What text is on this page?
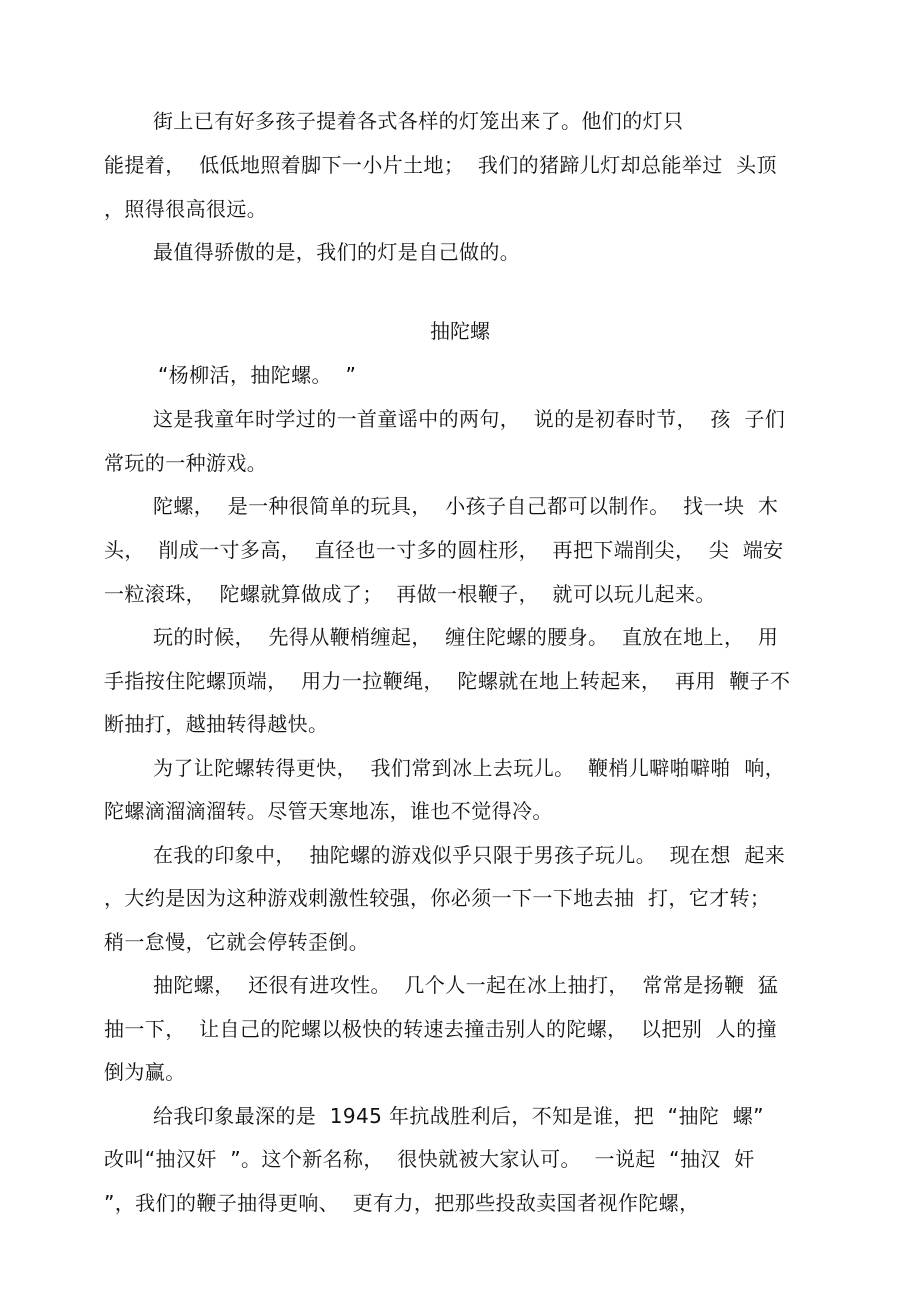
街上已有好多孩子提着各式各样的灯笼出来了。他们的灯只
能提着，  低低地照着脚下一小片土地；  我们的猪蹄儿灯却总能举过  头顶
，照得很高很远。
最值得骄傲的是，我们的灯是自己做的。
抽陀螺
“杨柳活，抽陀螺。  ”
这是我童年时学过的一首童谣中的两句，  说的是初春时节，  孩  子们
常玩的一种游戏。
陀螺，  是一种很简单的玩具，  小孩子自己都可以制作。  找一块  木
头，  削成一寸多高，  直径也一寸多的圆柱形，  再把下端削尖，  尖  端安
一粒滚珠，  陀螺就算做成了；  再做一根鞭子，  就可以玩儿起来。
玩的时候，  先得从鞭梢缠起，  缠住陀螺的腰身。  直放在地上，  用
手指按住陀螺顶端，  用力一拉鞭绳，  陀螺就在地上转起来，  再用  鞭子不
断抽打，越抽转得越快。
为了让陀螺转得更快，  我们常到冰上去玩儿。  鞭梢儿噼啪噼啪  响，
陀螺滴溜滴溜转。尽管天寒地冻，谁也不觉得冷。
在我的印象中，  抽陀螺的游戏似乎只限于男孩子玩儿。  现在想  起来
，大约是因为这种游戏刺激性较强，你必须一下一下地去抽  打，它才转；
稍一怠慢，它就会停转歪倒。
抽陀螺，  还很有进攻性。  几个人一起在冰上抽打，  常常是扬鞭  猛
抽一下，  让自己的陀螺以极快的转速去撞击别人的陀螺，  以把别  人的撞
倒为赢。
给我印象最深的是  1945 年抗战胜利后，不知是谁，把  “抽陀  螺”
改叫“抽汉奸  ”。这个新名称，  很快就被大家认可。  一说起  “抽汉  奸
”，我们的鞭子抽得更响、  更有力，把那些投敌卖国者视作陀螺，
